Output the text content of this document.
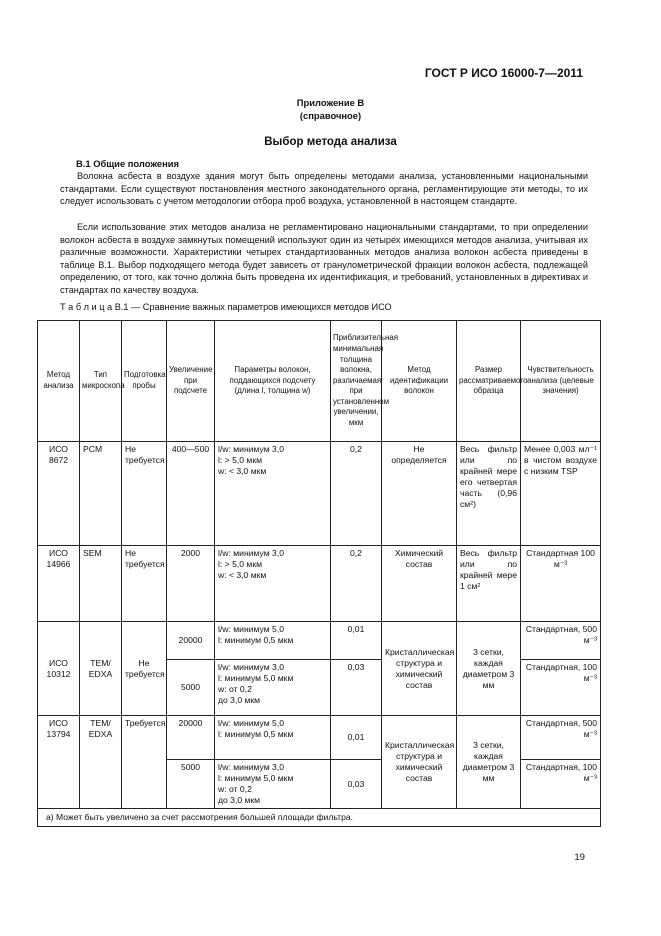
ГОСТ Р ИСО 16000-7—2011
Приложение В
(справочное)
Выбор метода анализа
В.1 Общие положения

Волокна асбеста в воздухе здания могут быть определены методами анализа, установленными национальными стандартами. Если существуют постановления местного законодательного органа, регламентирующие эти методы, то их следует использовать с учетом методологии отбора проб воздуха, установленной в настоящем стандарте.

Если использование этих методов анализа не регламентировано национальными стандартами, то при определении волокон асбеста в воздухе замкнутых помещений используют один из четырех имеющихся методов анализа, учитывая их различные возможности. Характеристики четырех стандартизованных методов анализа волокон асбеста приведены в таблице В.1. Выбор подходящего метода будет зависеть от гранулометрической фракции волокон асбеста, подлежащей определению, от того, как точно должна быть проведена их идентификация, и требований, установленных в директивах и стандартах по качеству воздуха.

Т а б л и ц а В.1 — Сравнение важных параметров имеющихся методов ИСО
Метод анализа	Тип микроскопа	Подготовка пробы	Увеличение при подсчете	Параметры волокон, поддающихся подсчету (длина l, толщина w)	Приблизительная минимальная толщина волокна, различаемая при установленном увеличении, мкм	Метод идентификации волокон	Размер рассматриваемого образца	Чувствительность анализа (целевые значения)
ИСО 8672	PCM	Не требуется	400—500	l/w: минимум 3,0
l: > 5,0 мкм
w: < 3,0 мкм	0,2	Не определяется	Весь фильтр или по крайней мере его четвертая часть (0,96 см²)	Менее 0,003 мл⁻¹ в чистом воздухе с низким TSP
ИСО 14966	SEM	Не требуется	2000	l/w: минимум 3,0
l: > 5,0 мкм
w: < 3,0 мкм	0,2	Химический состав	Весь фильтр или по крайней мере 1 см²	Стандартная 100 м⁻³
ИСО 10312	TEM/ EDXA	Не требуется	20000	l/w: минимум 5,0
l: минимум 0,5 мкм	0,01	Кристаллическая структура и химический состав	3 сетки, каждая диаметром 3 мм	Стандартная, 500 м⁻³
			5000	l/w: минимум 3,0
l: минимум 5,0 мкм
w: от 0,2
до 3,0 мкм	0,03			Стандартная, 100 м⁻³
ИСО 13794	TEM/ EDXA	Требуется	20000	l/w: минимум 5,0
l: минимум 0,5 мкм	0,01	Кристаллическая структура и химический состав	3 сетки, каждая диаметром 3 мм	Стандартная, 500 м⁻³
			5000	l/w: минимум 3,0
l: минимум 5,0 мкм
w: от 0,2
до 3,0 мкм	0,03			Стандартная, 100 м⁻³
a) Может быть увеличено за счет рассмотрения большей площади фильтра.								
19
